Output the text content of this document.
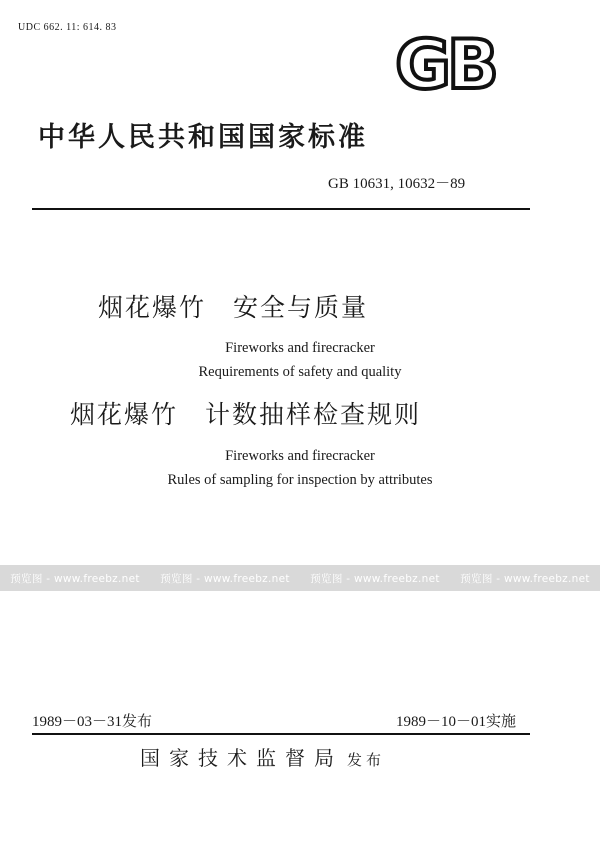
UDC 662. 11: 614. 83	GB
中华人民共和国国家标准
GB 10631, 10632－89
烟花爆竹　安全与质量
Fireworks and firecracker
Requirements of safety and quality
烟花爆竹　计数抽样检查规则
Fireworks and firecracker
Rules of sampling for inspection by attributes
预览图 - www.freebz.net 预览图 - www.freebz.net 预览图 - www.freebz.net 预览图 - www.freebz.net
1989－03－31发布	1989－10－01实施
国家技术监督局 发布
